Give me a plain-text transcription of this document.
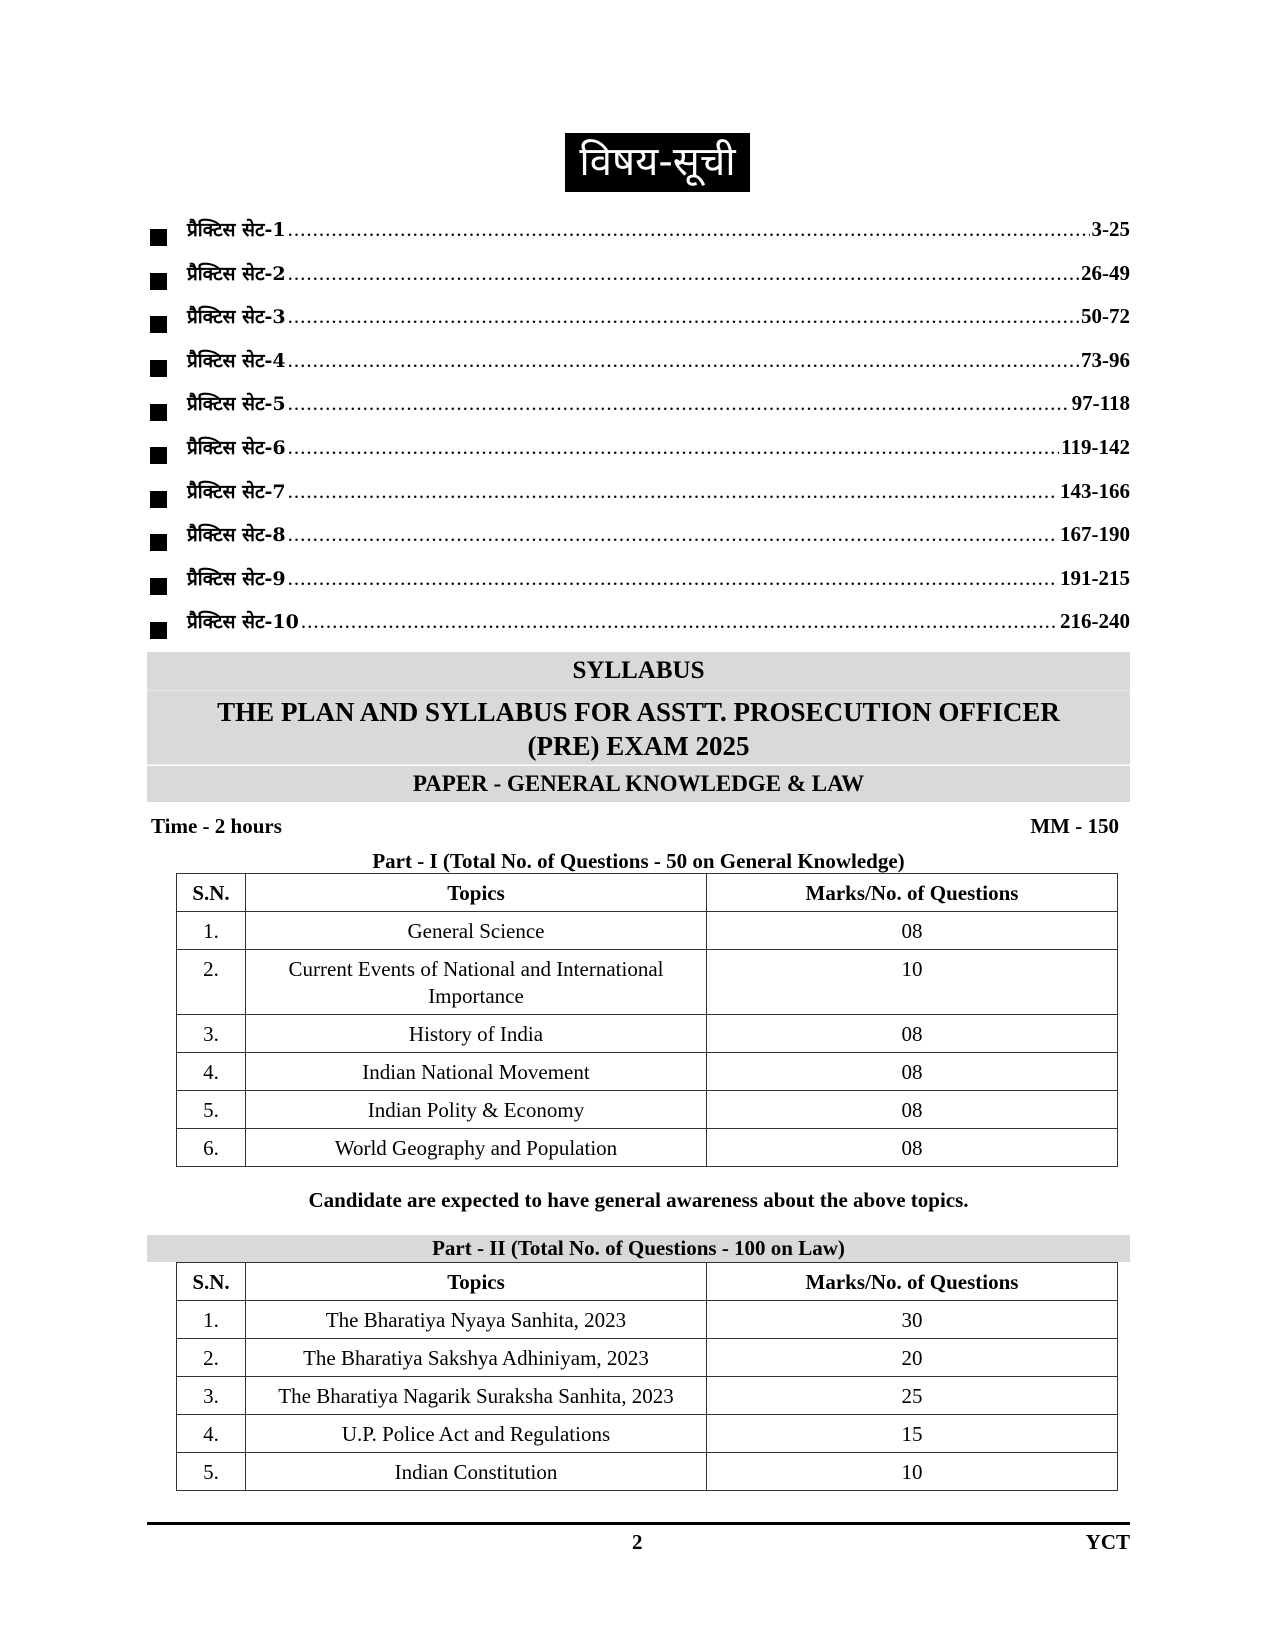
विषय-सूची
प्रैक्टिस सेट-1 .....	3-25
प्रैक्टिस सेट-2 .....	26-49
प्रैक्टिस सेट-3 .....	50-72
प्रैक्टिस सेट-4 .....	73-96
प्रैक्टिस सेट-5 .....	97-118
प्रैक्टिस सेट-6 .....	119-142
प्रैक्टिस सेट-7 .....	143-166
प्रैक्टिस सेट-8 .....	167-190
प्रैक्टिस सेट-9 .....	191-215
प्रैक्टिस सेट-10 .....	216-240
SYLLABUS
THE PLAN AND SYLLABUS FOR ASSTT. PROSECUTION OFFICER
(PRE) EXAM 2025
PAPER - GENERAL KNOWLEDGE & LAW
Time - 2 hours	MM - 150
Part - I (Total No. of Questions - 50 on General Knowledge)
S.N.	Topics	Marks/No. of Questions
1.	General Science	08
2.	Current Events of National and International Importance	10
3.	History of India	08
4.	Indian National Movement	08
5.	Indian Polity & Economy	08
6.	World Geography and Population	08
Candidate are expected to have general awareness about the above topics.
Part - II (Total No. of Questions - 100 on Law)
S.N.	Topics	Marks/No. of Questions
1.	The Bharatiya Nyaya Sanhita, 2023	30
2.	The Bharatiya Sakshya Adhiniyam, 2023	20
3.	The Bharatiya Nagarik Suraksha Sanhita, 2023	25
4.	U.P. Police Act and Regulations	15
5.	Indian Constitution	10
2	YCT
